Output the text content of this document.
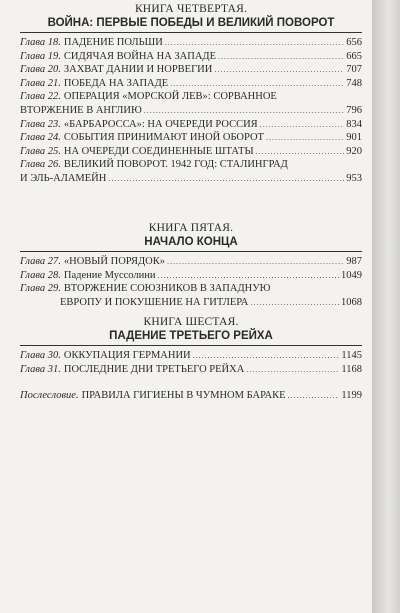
КНИГА ЧЕТВЕРТАЯ.
ВОЙНА: ПЕРВЫЕ ПОБЕДЫ И ВЕЛИКИЙ ПОВОРОТ
Глава 18. ПАДЕНИЕ ПОЛЬШИ . . .	656
Глава 19. СИДЯЧАЯ ВОЙНА НА ЗАПАДЕ . . .	665
Глава 20. ЗАХВАТ ДАНИИ И НОРВЕГИИ . . .	707
Глава 21. ПОБЕДА НА ЗАПАДЕ . . .	748
Глава 22. ОПЕРАЦИЯ «МОРСКОЙ ЛЕВ»: СОРВАННОЕ
ВТОРЖЕНИЕ В АНГЛИЮ . . .	796
Глава 23. «БАРБАРОССА»: НА ОЧЕРЕДИ РОССИЯ . . .	834
Глава 24. СОБЫТИЯ ПРИНИМАЮТ ИНОЙ ОБОРОТ . . .	901
Глава 25. НА ОЧЕРЕДИ СОЕДИНЕННЫЕ ШТАТЫ . . .	920
Глава 26. ВЕЛИКИЙ ПОВОРОТ. 1942 ГОД: СТАЛИНГРАД
И ЭЛЬ-АЛАМЕЙН . . .	953
КНИГА ПЯТАЯ.
НАЧАЛО КОНЦА
Глава 27. «НОВЫЙ ПОРЯДОК» . . .	987
Глава 28. Падение Муссолини . . .	1049
Глава 29. ВТОРЖЕНИЕ СОЮЗНИКОВ В ЗАПАДНУЮ
ЕВРОПУ И ПОКУШЕНИЕ НА ГИТЛЕРА . . .	1068
КНИГА ШЕСТАЯ.
ПАДЕНИЕ ТРЕТЬЕГО РЕЙХА
Глава 30. ОККУПАЦИЯ ГЕРМАНИИ . . .	1145
Глава 31. ПОСЛЕДНИЕ ДНИ ТРЕТЬЕГО РЕЙХА . . .	1168
Послесловие. ПРАВИЛА ГИГИЕНЫ В ЧУМНОМ БАРАКЕ . . .	1199
